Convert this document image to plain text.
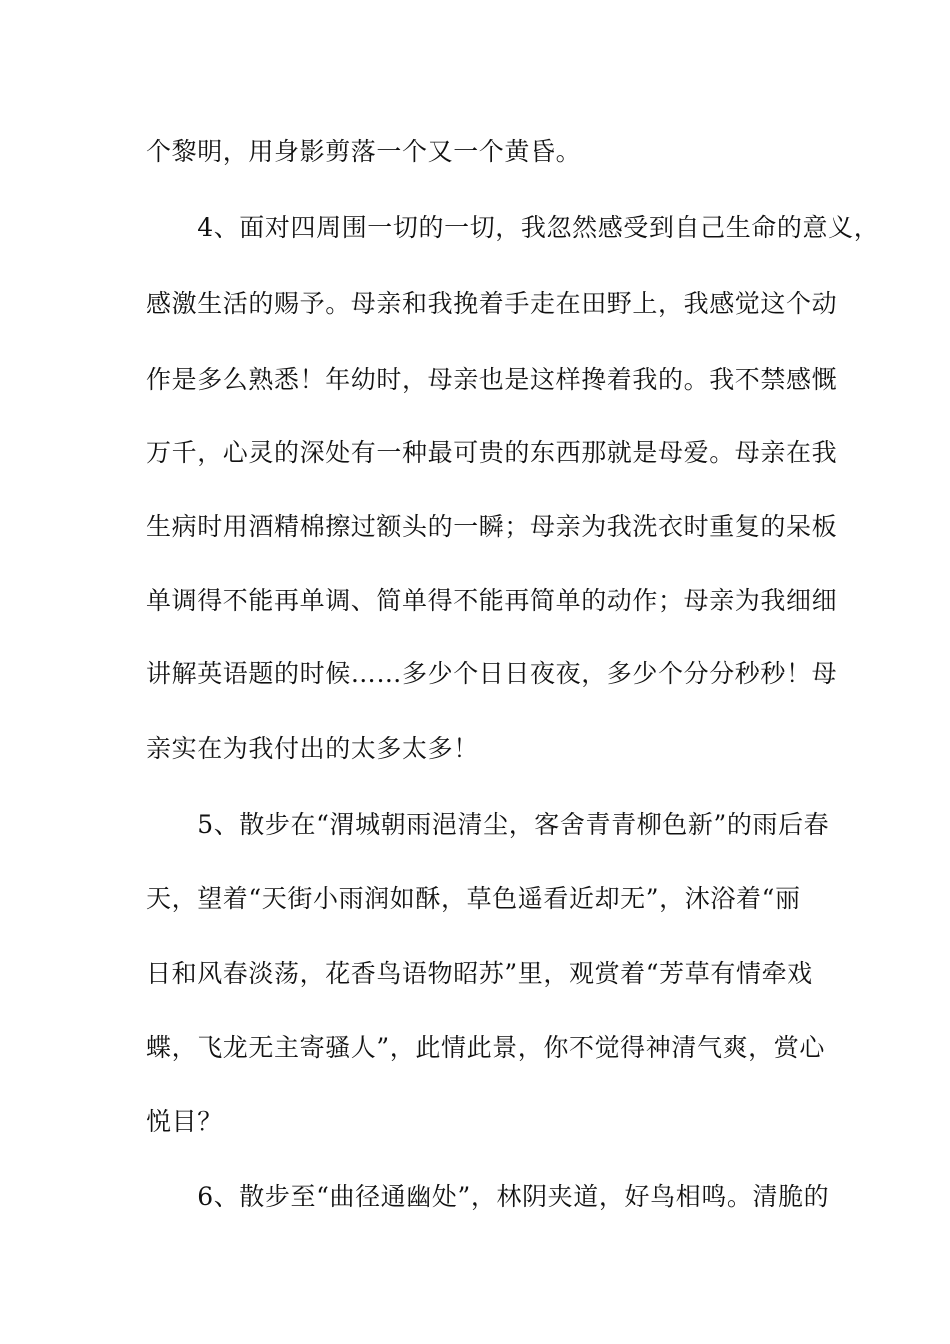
个黎明，用身影剪落一个又一个黄昏。
　　4、面对四周围一切的一切，我忽然感受到自己生命的意义，
感激生活的赐予。母亲和我挽着手走在田野上，我感觉这个动
作是多么熟悉！年幼时，母亲也是这样搀着我的。我不禁感慨
万千，心灵的深处有一种最可贵的东西那就是母爱。母亲在我
生病时用酒精棉擦过额头的一瞬；母亲为我洗衣时重复的呆板
单调得不能再单调、简单得不能再简单的动作；母亲为我细细
讲解英语题的时候……多少个日日夜夜，多少个分分秒秒！母
亲实在为我付出的太多太多！
　　5、散步在“渭城朝雨浥清尘，客舍青青柳色新”的雨后春
天，望着“天街小雨润如酥，草色遥看近却无”，沐浴着“丽
日和风春淡荡，花香鸟语物昭苏”里，观赏着“芳草有情牵戏
蝶，飞龙无主寄骚人”，此情此景，你不觉得神清气爽，赏心
悦目？
　　6、散步至“曲径通幽处”，林阴夹道，好鸟相鸣。清脆的
